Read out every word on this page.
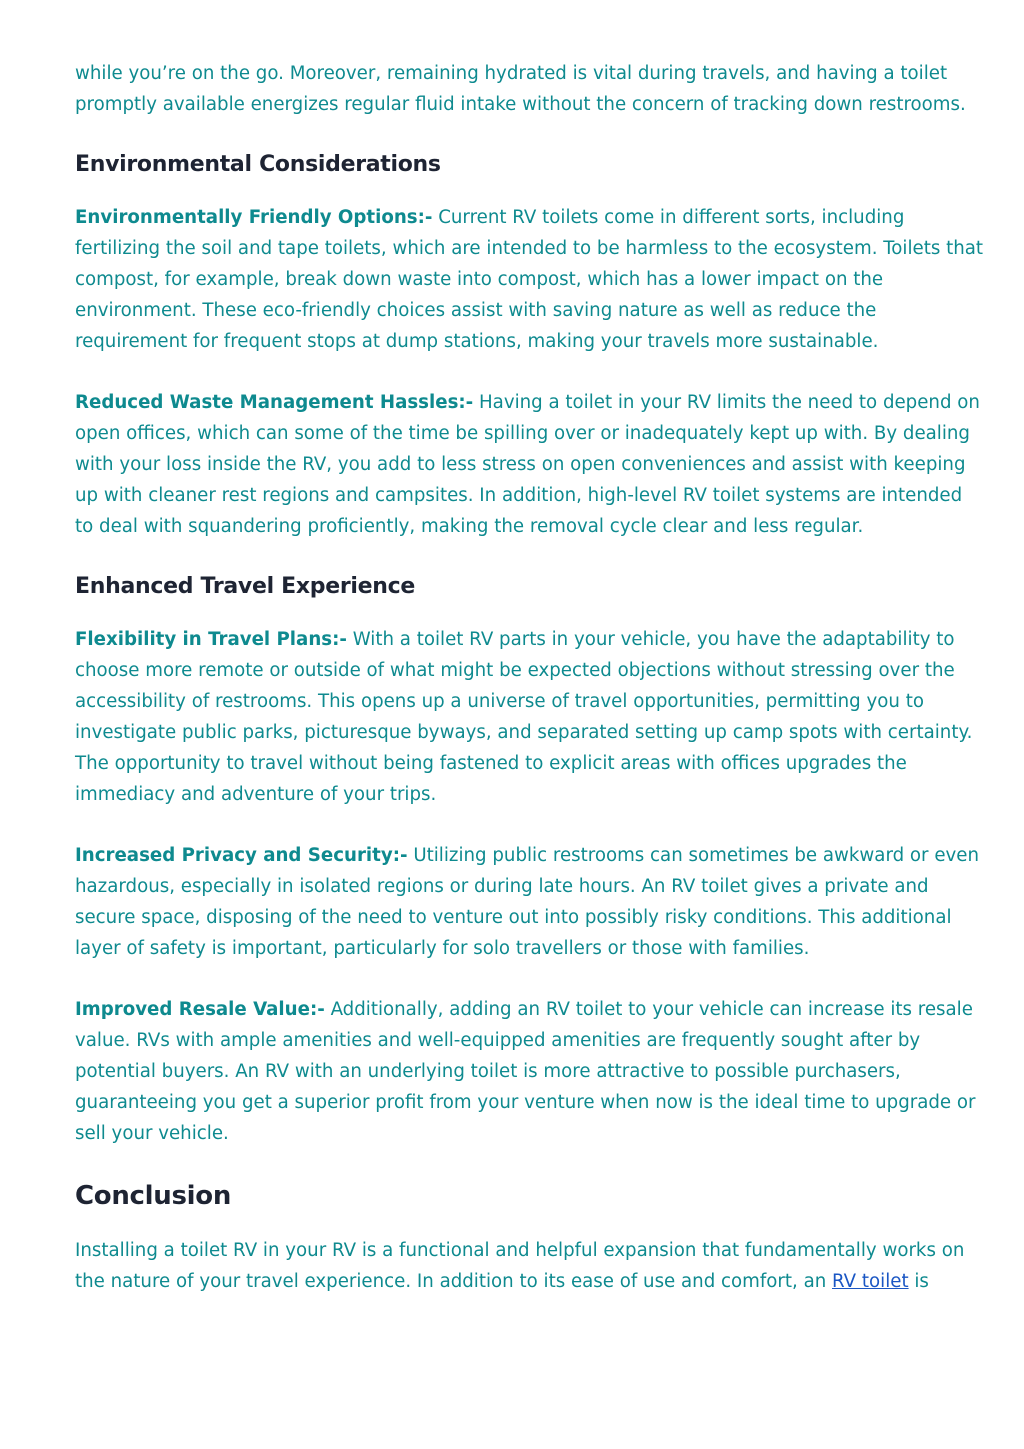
while you’re on the go. Moreover, remaining hydrated is vital during travels, and having a toilet promptly available energizes regular fluid intake without the concern of tracking down restrooms.

Environmental Considerations

Environmentally Friendly Options:- Current RV toilets come in different sorts, including fertilizing the soil and tape toilets, which are intended to be harmless to the ecosystem. Toilets that compost, for example, break down waste into compost, which has a lower impact on the environment. These eco-friendly choices assist with saving nature as well as reduce the requirement for frequent stops at dump stations, making your travels more sustainable.

Reduced Waste Management Hassles:- Having a toilet in your RV limits the need to depend on open offices, which can some of the time be spilling over or inadequately kept up with. By dealing with your loss inside the RV, you add to less stress on open conveniences and assist with keeping up with cleaner rest regions and campsites. In addition, high-level RV toilet systems are intended to deal with squandering proficiently, making the removal cycle clear and less regular.

Enhanced Travel Experience

Flexibility in Travel Plans:- With a toilet RV parts in your vehicle, you have the adaptability to choose more remote or outside of what might be expected objections without stressing over the accessibility of restrooms. This opens up a universe of travel opportunities, permitting you to investigate public parks, picturesque byways, and separated setting up camp spots with certainty. The opportunity to travel without being fastened to explicit areas with offices upgrades the immediacy and adventure of your trips.

Increased Privacy and Security:- Utilizing public restrooms can sometimes be awkward or even hazardous, especially in isolated regions or during late hours. An RV toilet gives a private and secure space, disposing of the need to venture out into possibly risky conditions. This additional layer of safety is important, particularly for solo travellers or those with families.

Improved Resale Value:- Additionally, adding an RV toilet to your vehicle can increase its resale value. RVs with ample amenities and well-equipped amenities are frequently sought after by potential buyers. An RV with an underlying toilet is more attractive to possible purchasers, guaranteeing you get a superior profit from your venture when now is the ideal time to upgrade or sell your vehicle.

Conclusion

Installing a toilet RV in your RV is a functional and helpful expansion that fundamentally works on the nature of your travel experience. In addition to its ease of use and comfort, an RV toilet is
